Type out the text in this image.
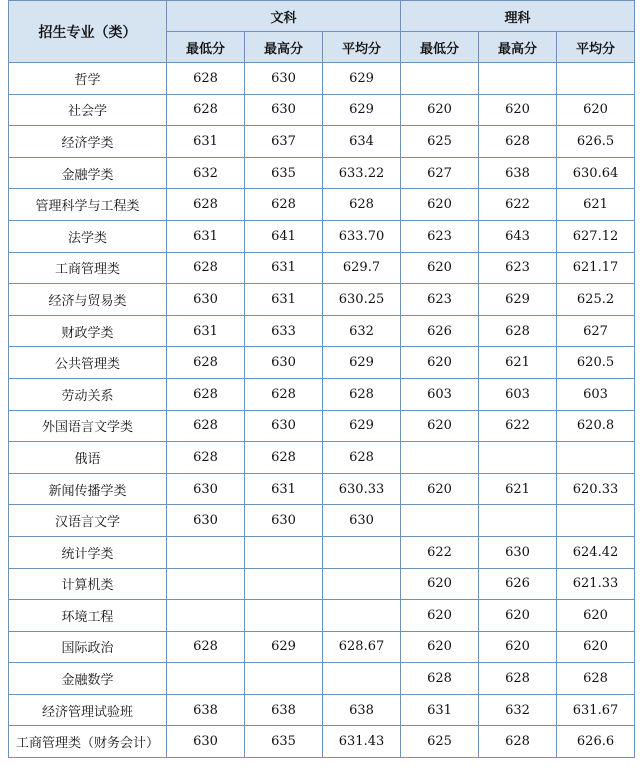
招生专业（类）	文科			理科		
	最低分	最高分	平均分	最低分	最高分	平均分
哲学	628	630	629			
社会学	628	630	629	620	620	620
经济学类	631	637	634	625	628	626.5
金融学类	632	635	633.22	627	638	630.64
管理科学与工程类	628	628	628	620	622	621
法学类	631	641	633.70	623	643	627.12
工商管理类	628	631	629.7	620	623	621.17
经济与贸易类	630	631	630.25	623	629	625.2
财政学类	631	633	632	626	628	627
公共管理类	628	630	629	620	621	620.5
劳动关系	628	628	628	603	603	603
外国语言文学类	628	630	629	620	622	620.8
俄语	628	628	628			
新闻传播学类	630	631	630.33	620	621	620.33
汉语言文学	630	630	630			
统计学类				622	630	624.42
计算机类				620	626	621.33
环境工程				620	620	620
国际政治	628	629	628.67	620	620	620
金融数学				628	628	628
经济管理试验班	638	638	638	631	632	631.67
工商管理类（财务会计）	630	635	631.43	625	628	626.6
